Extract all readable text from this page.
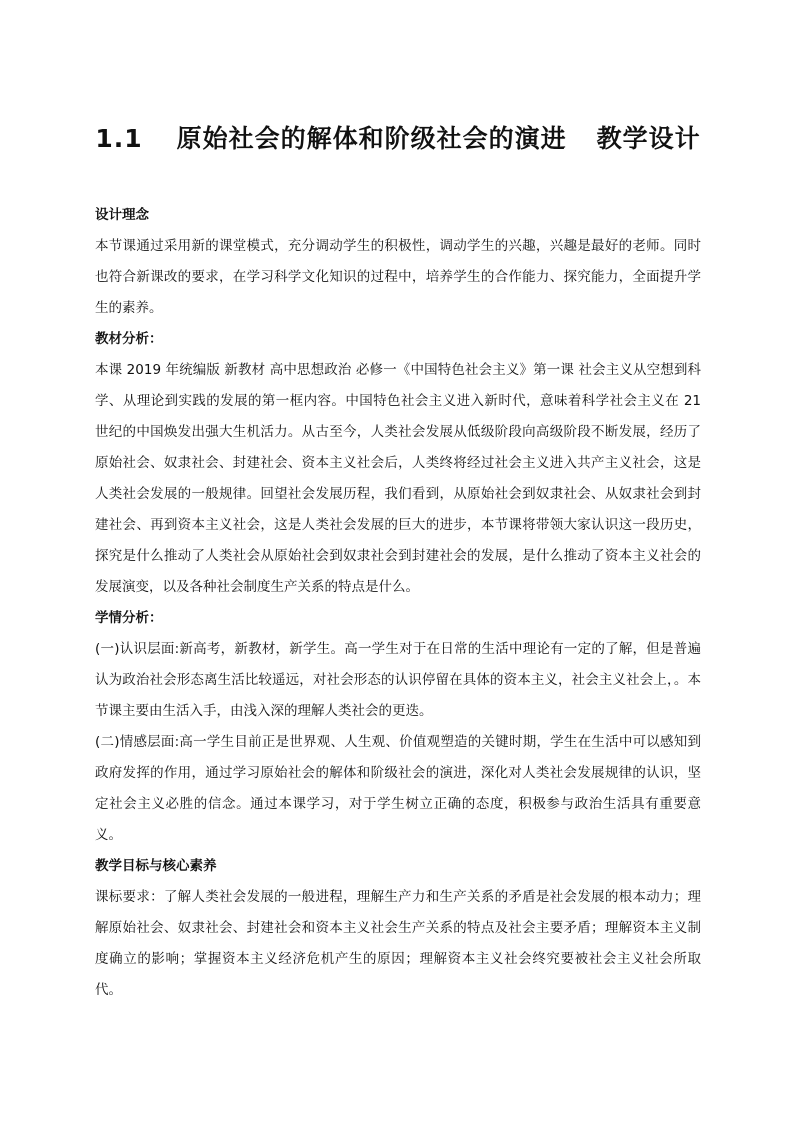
1.1 原始社会的解体和阶级社会的演进 教学设计

设计理念

本节课通过采用新的课堂模式，充分调动学生的积极性，调动学生的兴趣，兴趣是最好的老师。同时也符合新课改的要求，在学习科学文化知识的过程中，培养学生的合作能力、探究能力，全面提升学生的素养。

教材分析：

本课 2019 年统编版 新教材 高中思想政治 必修一《中国特色社会主义》第一课 社会主义从空想到科学、从理论到实践的发展的第一框内容。中国特色社会主义进入新时代，意味着科学社会主义在 21 世纪的中国焕发出强大生机活力。从古至今，人类社会发展从低级阶段向高级阶段不断发展，经历了原始社会、奴隶社会、封建社会、资本主义社会后，人类终将经过社会主义进入共产主义社会，这是人类社会发展的一般规律。回望社会发展历程，我们看到，从原始社会到奴隶社会、从奴隶社会到封建社会、再到资本主义社会，这是人类社会发展的巨大的进步，本节课将带领大家认识这一段历史，探究是什么推动了人类社会从原始社会到奴隶社会到封建社会的发展，是什么推动了资本主义社会的发展演变，以及各种社会制度生产关系的特点是什么。

学情分析：

(一)认识层面:新高考，新教材，新学生。高一学生对于在日常的生活中理论有一定的了解，但是普遍认为政治社会形态离生活比较遥远，对社会形态的认识停留在具体的资本主义，社会主义社会上，。本节课主要由生活入手，由浅入深的理解人类社会的更迭。

(二)情感层面:高一学生目前正是世界观、人生观、价值观塑造的关键时期，学生在生活中可以感知到政府发挥的作用，通过学习原始社会的解体和阶级社会的演进，深化对人类社会发展规律的认识，坚定社会主义必胜的信念。通过本课学习，对于学生树立正确的态度，积极参与政治生活具有重要意义。

教学目标与核心素养

课标要求：了解人类社会发展的一般进程，理解生产力和生产关系的矛盾是社会发展的根本动力；理解原始社会、奴隶社会、封建社会和资本主义社会生产关系的特点及社会主要矛盾；理解资本主义制度确立的影响；掌握资本主义经济危机产生的原因；理解资本主义社会终究要被社会主义社会所取代。
